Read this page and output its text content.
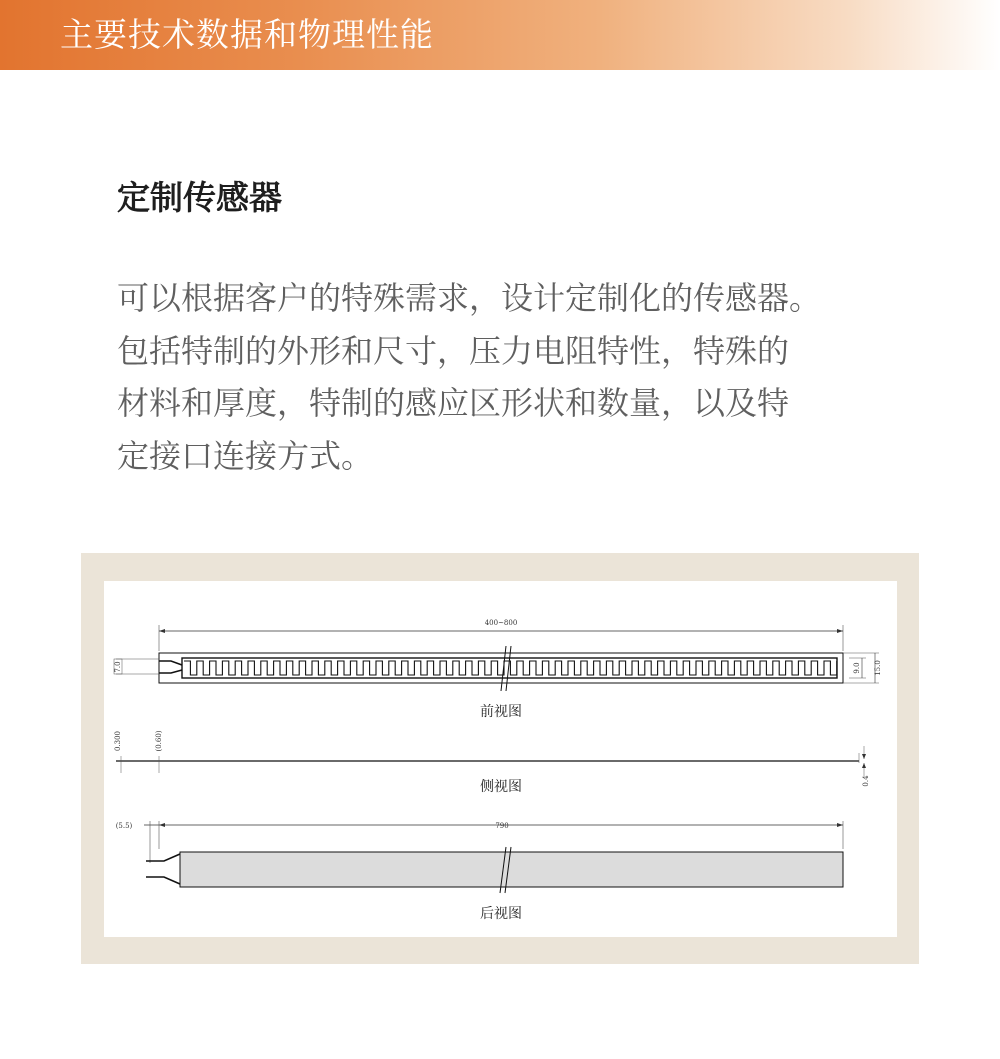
主要技术数据和物理性能
定制传感器

可以根据客户的特殊需求，设计定制化的传感器。

包括特制的外形和尺寸，压力电阻特性，特殊的

材料和厚度，特制的感应区形状和数量，以及特

定接口连接方式。

400~800
7.0	9.0 15.0
前视图
0.4
0.300	(0.60)
侧视图
790
(5.5)
后视图
